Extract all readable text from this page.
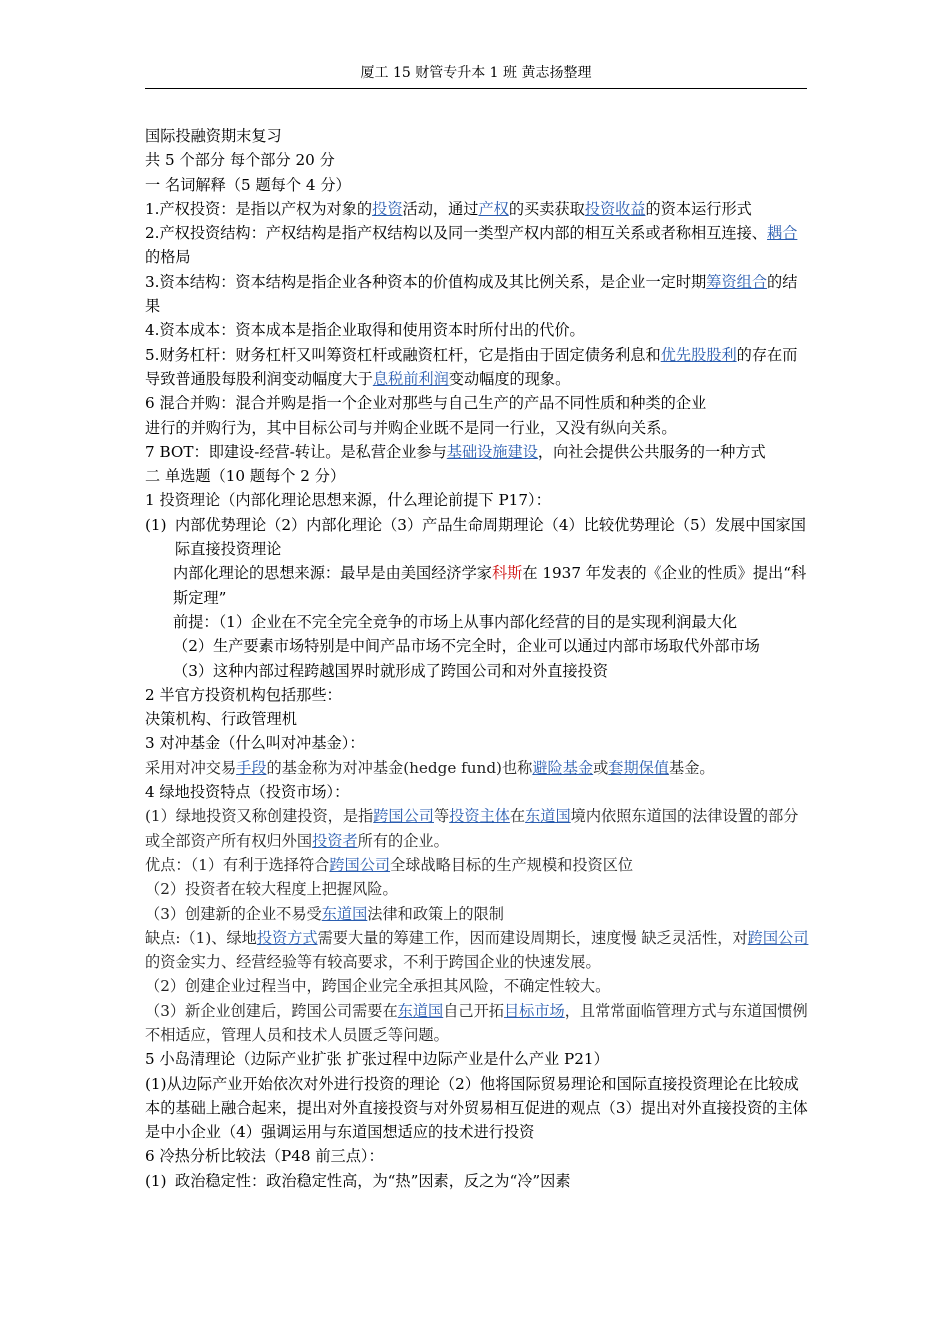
厦工 15 财管专升本 1 班 黄志扬整理

国际投融资期末复习

共 5 个部分 每个部分 20 分

一 名词解释（5 题每个 4 分）

1.产权投资：是指以产权为对象的投资活动，通过产权的买卖获取投资收益的资本运行形式

2.产权投资结构：产权结构是指产权结构以及同一类型产权内部的相互关系或者称相互连接、耦合的格局

3.资本结构：资本结构是指企业各种资本的价值构成及其比例关系，是企业一定时期筹资组合的结果

4.资本成本：资本成本是指企业取得和使用资本时所付出的代价。

5.财务杠杆：财务杠杆又叫筹资杠杆或融资杠杆，它是指由于固定债务利息和优先股股利的存在而导致普通股每股利润变动幅度大于息税前利润变动幅度的现象。

6 混合并购：混合并购是指一个企业对那些与自己生产的产品不同性质和种类的企业

进行的并购行为，其中目标公司与并购企业既不是同一行业，又没有纵向关系。

7 BOT：即建设-经营-转让。是私营企业参与基础设施建设，向社会提供公共服务的一种方式

二 单选题（10 题每个 2 分）

1 投资理论（内部化理论思想来源，什么理论前提下 P17）：

(1) 内部优势理论（2）内部化理论（3）产品生命周期理论（4）比较优势理论（5）发展中国家国际直接投资理论

内部化理论的思想来源：最早是由美国经济学家科斯在 1937 年发表的《企业的性质》提出“科斯定理”

前提：（1）企业在不完全完全竞争的市场上从事内部化经营的目的是实现利润最大化

（2）生产要素市场特别是中间产品市场不完全时，企业可以通过内部市场取代外部市场

（3）这种内部过程跨越国界时就形成了跨国公司和对外直接投资

2 半官方投资机构包括那些：

决策机构、行政管理机

3 对冲基金（什么叫对冲基金）：

采用对冲交易手段的基金称为对冲基金(hedge fund)也称避险基金或套期保值基金。

4 绿地投资特点（投资市场）：

(1）绿地投资又称创建投资，是指跨国公司等投资主体在东道国境内依照东道国的法律设置的部分或全部资产所有权归外国投资者所有的企业。

优点：（1）有利于选择符合跨国公司全球战略目标的生产规模和投资区位

（2）投资者在较大程度上把握风险。

（3）创建新的企业不易受东道国法律和政策上的限制

缺点:（1)、绿地投资方式需要大量的筹建工作，因而建设周期长，速度慢 缺乏灵活性，对跨国公司的资金实力、经营经验等有较高要求，不利于跨国企业的快速发展。

（2）创建企业过程当中，跨国企业完全承担其风险，不确定性较大。

（3）新企业创建后，跨国公司需要在东道国自己开拓目标市场，且常常面临管理方式与东道国惯例不相适应，管理人员和技术人员匮乏等问题。

5 小岛清理论（边际产业扩张 扩张过程中边际产业是什么产业 P21）

(1)从边际产业开始依次对外进行投资的理论（2）他将国际贸易理论和国际直接投资理论在比较成本的基础上融合起来，提出对外直接投资与对外贸易相互促进的观点（3）提出对外直接投资的主体是中小企业（4）强调运用与东道国想适应的技术进行投资

6 冷热分析比较法（P48 前三点）：

(1) 政治稳定性：政治稳定性高，为“热”因素，反之为“冷”因素
